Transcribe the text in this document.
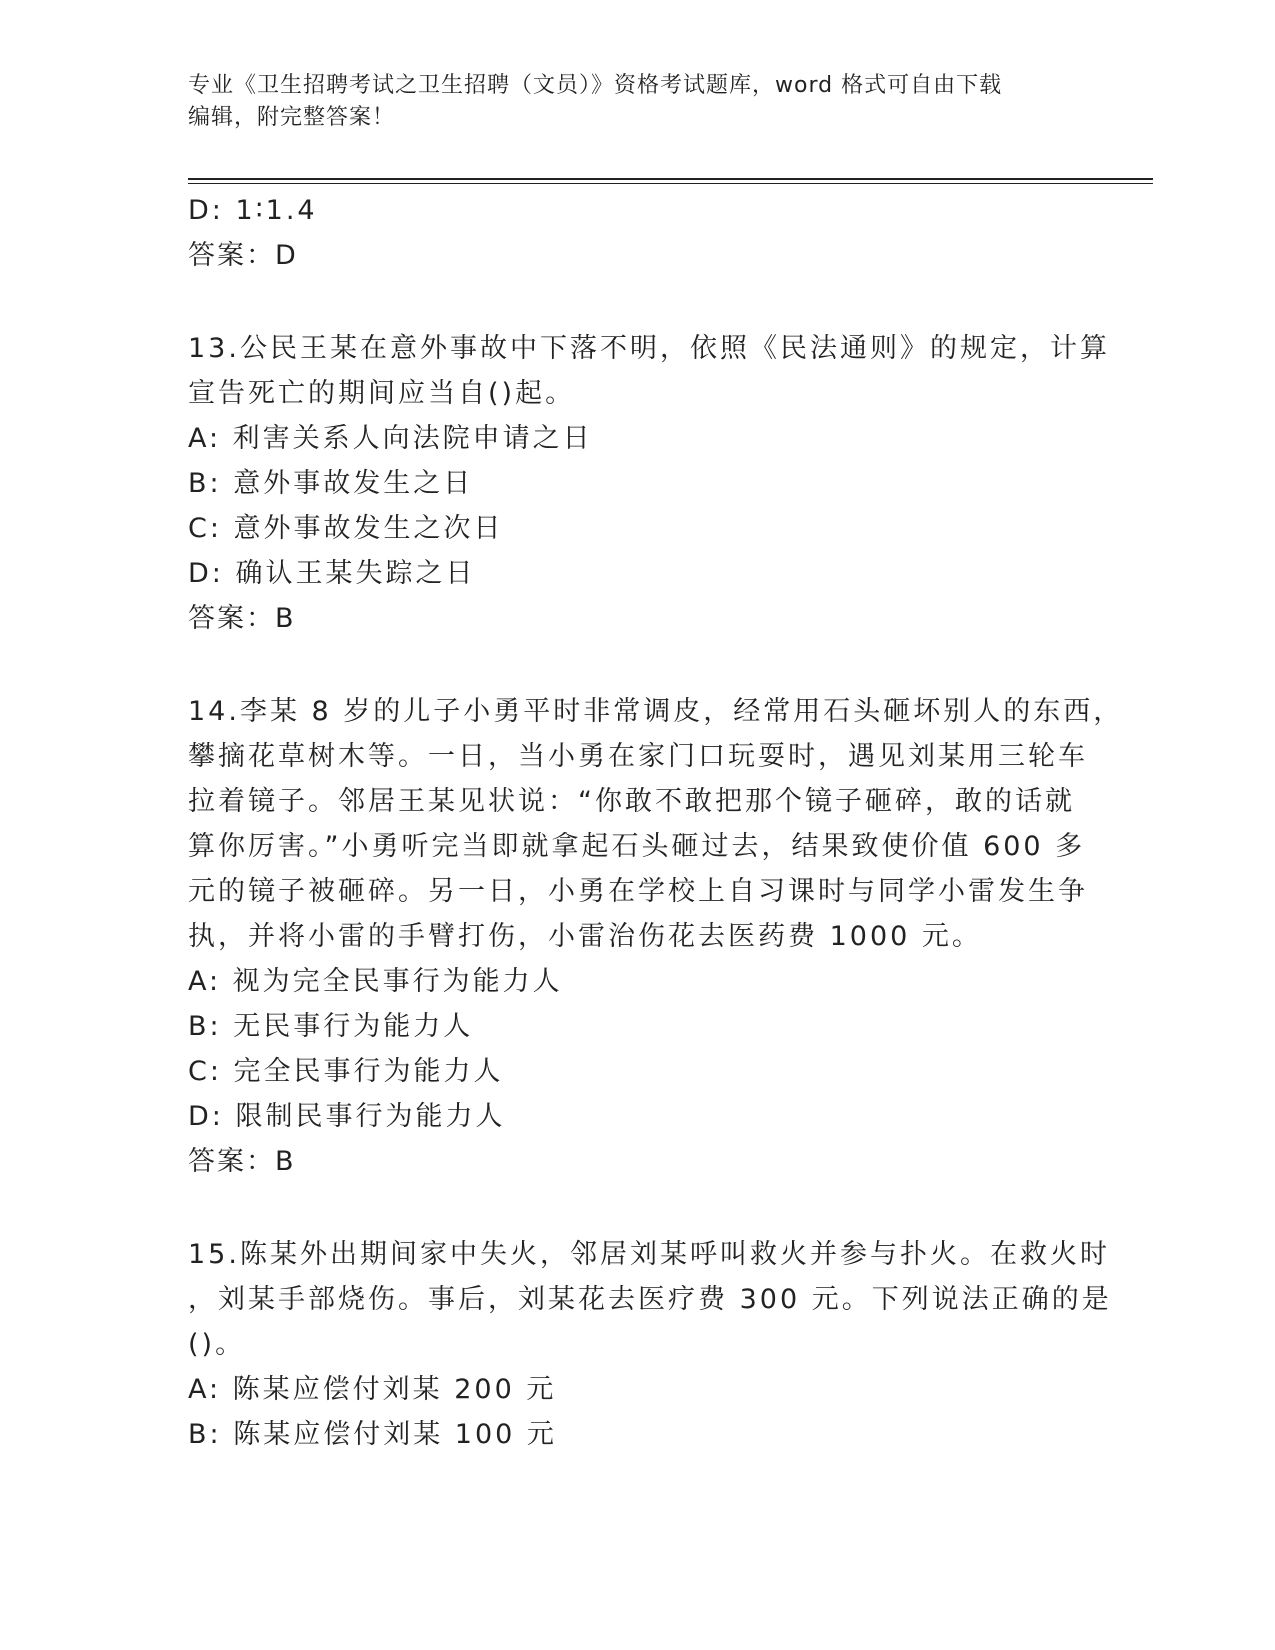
专业《卫生招聘考试之卫生招聘（文员）》资格考试题库，word 格式可自由下载
编辑，附完整答案！
D: 1∶1.4
答案：D
13.公民王某在意外事故中下落不明，依照《民法通则》的规定，计算
宣告死亡的期间应当自()起。
A: 利害关系人向法院申请之日
B: 意外事故发生之日
C: 意外事故发生之次日
D: 确认王某失踪之日
答案：B
14.李某 8 岁的儿子小勇平时非常调皮，经常用石头砸坏别人的东西，
攀摘花草树木等。一日，当小勇在家门口玩耍时，遇见刘某用三轮车
拉着镜子。邻居王某见状说：“你敢不敢把那个镜子砸碎，敢的话就
算你厉害。”小勇听完当即就拿起石头砸过去，结果致使价值 600 多
元的镜子被砸碎。另一日，小勇在学校上自习课时与同学小雷发生争
执，并将小雷的手臂打伤，小雷治伤花去医药费 1000 元。
A: 视为完全民事行为能力人
B: 无民事行为能力人
C: 完全民事行为能力人
D: 限制民事行为能力人
答案：B
15.陈某外出期间家中失火，邻居刘某呼叫救火并参与扑火。在救火时
，刘某手部烧伤。事后，刘某花去医疗费 300 元。下列说法正确的是
()。
A: 陈某应偿付刘某 200 元
B: 陈某应偿付刘某 100 元
